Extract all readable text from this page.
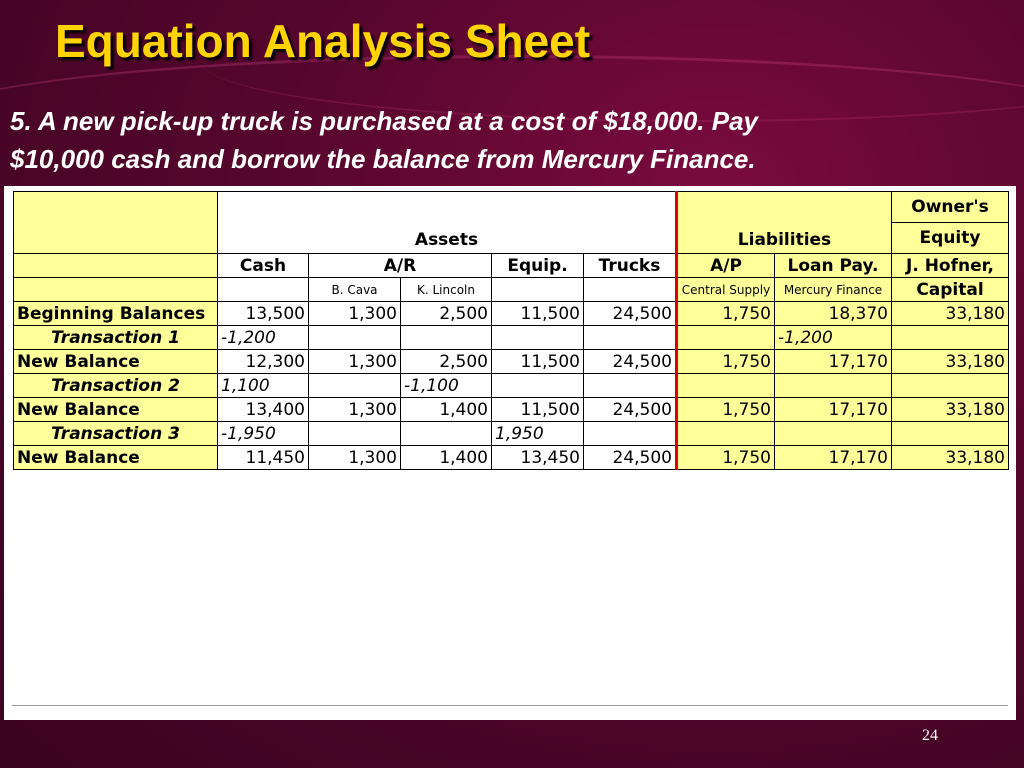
Equation Analysis Sheet
5. A new pick-up truck is purchased at a cost of $18,000. Pay
$10,000 cash and borrow the balance from Mercury Finance.
	Assets					Liabilities		Owner's
								Equity
	Cash	A/R		Equip.	Trucks	A/P	Loan Pay.	J. Hofner,
		B. Cava	K. Lincoln			Central Supply	Mercury Finance	Capital
Beginning Balances	13,500	1,300	2,500	11,500	24,500	1,750	18,370	33,180
Transaction 1	-1,200						-1,200	
New Balance	12,300	1,300	2,500	11,500	24,500	1,750	17,170	33,180
Transaction 2	1,100		-1,100					
New Balance	13,400	1,300	1,400	11,500	24,500	1,750	17,170	33,180
Transaction 3	-1,950			1,950				
New Balance	11,450	1,300	1,400	13,450	24,500	1,750	17,170	33,180
24
